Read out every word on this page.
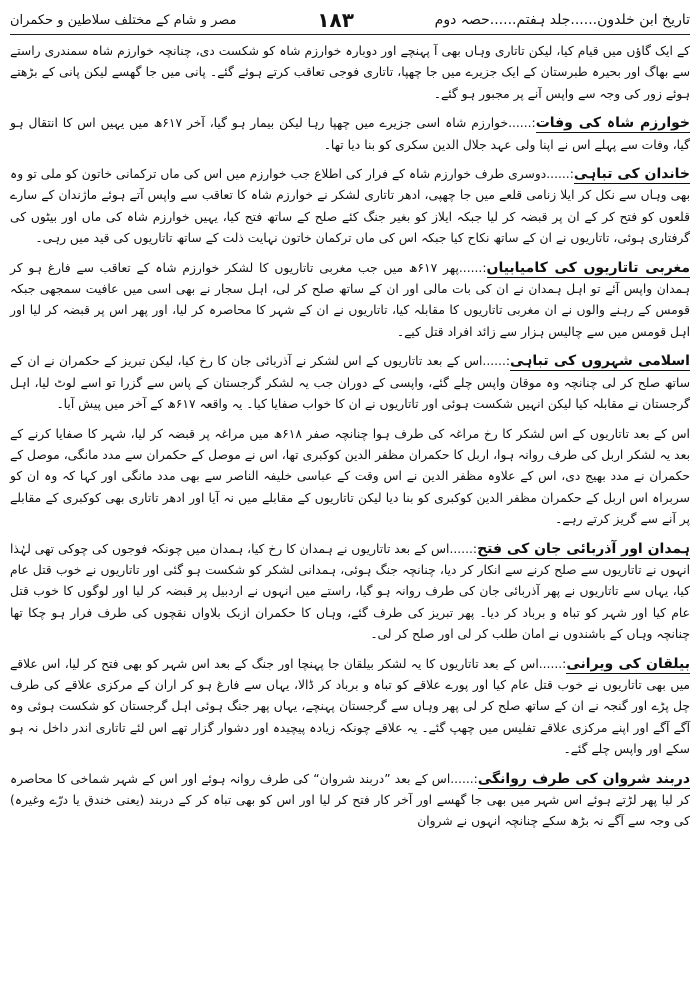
تاریخ ابن خلدون......جلد ہفتم......حصہ دوم
۱۸۳
مصر و شام کے مختلف سلاطین و حکمران

کے ایک گاؤں میں قیام کیا، لیکن تاتاری وہاں بھی آ پہنچے اور دوبارہ خوارزم شاہ کو شکست دی، چنانچہ خوارزم شاہ سمندری راستے سے بھاگ اور بحیرہ طبرستان کے ایک جزیرے میں جا چھپا، تاتاری فوجی تعاقب کرتے ہوئے گئے۔ پانی میں جا گھسے لیکن پانی کے بڑھتے ہوئے زور کی وجہ سے واپس آنے پر مجبور ہو گئے۔

خوارزم شاہ کی وفات:......خوارزم شاہ اسی جزیرے میں چھپا رہا لیکن بیمار ہو گیا، آخر ۶۱۷ھ میں یہیں اس کا انتقال ہو گیا، وفات سے پہلے اس نے اپنا ولی عہد جلال الدین سکری کو بنا دیا تھا۔

خاندان کی تباہی:......دوسری طرف خوارزم شاہ کے فرار کی اطلاع جب خوارزم میں اس کی ماں ترکمانی خاتون کو ملی تو وہ بھی وہاں سے نکل کر ایلا زنامی قلعے میں جا چھپی، ادھر تاتاری لشکر نے خوارزم شاہ کا تعاقب سے واپس آتے ہوئے ماژندان کے سارے قلعوں کو فتح کر کے ان پر قبضہ کر لیا جبکہ ایلاز کو بغیر جنگ کئے صلح کے ساتھ فتح کیا، یہیں خوارزم شاہ کی ماں اور بیٹوں کی گرفتاری ہوئی، تاتاریوں نے ان کے ساتھ نکاح کیا جبکہ اس کی ماں ترکمان خاتون نہایت ذلت کے ساتھ تاتاریوں کی قید میں رہی۔

مغربی تاتاریوں کی کامیابیاں:......پھر ۶۱۷ھ میں جب مغربی تاتاریوں کا لشکر خوارزم شاہ کے تعاقب سے فارغ ہو کر ہمدان واپس آئے تو اہل ہمدان نے ان کی بات مالی اور ان کے ساتھ صلح کر لی، اہل سجار نے بھی اسی میں عافیت سمجھی جبکہ قومس کے رہنے والوں نے ان مغربی تاتاریوں کا مقابلہ کیا، تاتاریوں نے ان کے شہر کا محاصرہ کر لیا، اور پھر اس پر قبضہ کر لیا اور اہل قومس میں سے چالیس ہزار سے زائد افراد قتل کیے۔

اسلامی شہروں کی تباہی:......اس کے بعد تاتاریوں کے اس لشکر نے آذربائی جان کا رخ کیا، لیکن تبریز کے حکمران نے ان کے ساتھ صلح کر لی چنانچہ وہ موقان واپس چلے گئے، واپسی کے دوران جب یہ لشکر گرجستان کے پاس سے گزرا تو اسے لوٹ لیا، اہل گرجستان نے مقابلہ کیا لیکن انہیں شکست ہوئی اور تاتاریوں نے ان کا خواب صفایا کیا۔ یہ واقعہ ۶۱۷ھ کے آخر میں پیش آیا۔

اس کے بعد تاتاریوں کے اس لشکر کا رخ مراغہ کی طرف ہوا چنانچہ صفر ۶۱۸ھ میں مراغہ پر قبضہ کر لیا، شہر کا صفایا کرنے کے بعد یہ لشکر اربل کی طرف روانہ ہوا، اربل کا حکمران مظفر الدین کوکبری تھا، اس نے موصل کے حکمران سے مدد مانگی، موصل کے حکمران نے مدد بھیج دی، اس کے علاوہ مظفر الدین نے اس وقت کے عباسی خلیفہ الناصر سے بھی مدد مانگی اور کہا کہ وہ ان کو سربراہ اس اربل کے حکمران مظفر الدین کوکبری کو بنا دیا لیکن تاتاریوں کے مقابلے میں نہ آیا اور ادھر تاتاری بھی کوکبری کے مقابلے پر آنے سے گریز کرتے رہے۔

ہمدان اور آذربائی جان کی فتح:......اس کے بعد تاتاریوں نے ہمدان کا رخ کیا، ہمدان میں چونکہ فوجوں کی چوکی تھی لہٰذا انہوں نے تاتاریوں سے صلح کرنے سے انکار کر دیا، چنانچہ جنگ ہوئی، ہمدانی لشکر کو شکست ہو گئی اور تاتاریوں نے خوب قتل عام کیا، یہاں سے تاتاریوں نے پھر آذربائی جان کی طرف روانہ ہو گیا، راستے میں انہوں نے اردبیل پر قبضہ کر لیا اور لوگوں کا خوب قتل عام کیا اور شہر کو تباہ و برباد کر دیا۔ پھر تبریز کی طرف گئے، وہاں کا حکمران ازبک بلاواں نقچوں کی طرف فرار ہو چکا تھا چنانچہ وہاں کے باشندوں نے امان طلب کر لی اور صلح کر لی۔

بیلقان کی ویرانی:......اس کے بعد تاتاریوں کا یہ لشکر بیلقان جا پہنچا اور جنگ کے بعد اس شہر کو بھی فتح کر لیا، اس علاقے میں بھی تاتاریوں نے خوب قتل عام کیا اور پورے علاقے کو تباہ و برباد کر ڈالا، یہاں سے فارغ ہو کر اران کے مرکزی علاقے کی طرف چل پڑے اور گنجہ نے ان کے ساتھ صلح کر لی پھر وہاں سے گرجستان پہنچے، یہاں پھر جنگ ہوئی اہل گرجستان کو شکست ہوئی وہ آگے آگے اور اپنے مرکزی علاقے تفلیس میں چھپ گئے۔ یہ علاقے چونکہ زیادہ پیچیدہ اور دشوار گزار تھے اس لئے تاتاری اندر داخل نہ ہو سکے اور واپس چلے گئے۔

دربند شروان کی طرف روانگی:......اس کے بعد ”دربند شروان“ کی طرف روانہ ہوئے اور اس کے شہر شماخی کا محاصرہ کر لیا پھر لڑتے ہوئے اس شہر میں بھی جا گھسے اور آخر کار فتح کر لیا اور اس کو بھی تباہ کر کے دربند (یعنی خندق یا درّے وغیرہ) کی وجہ سے آگے نہ بڑھ سکے چنانچہ انہوں نے شروان
